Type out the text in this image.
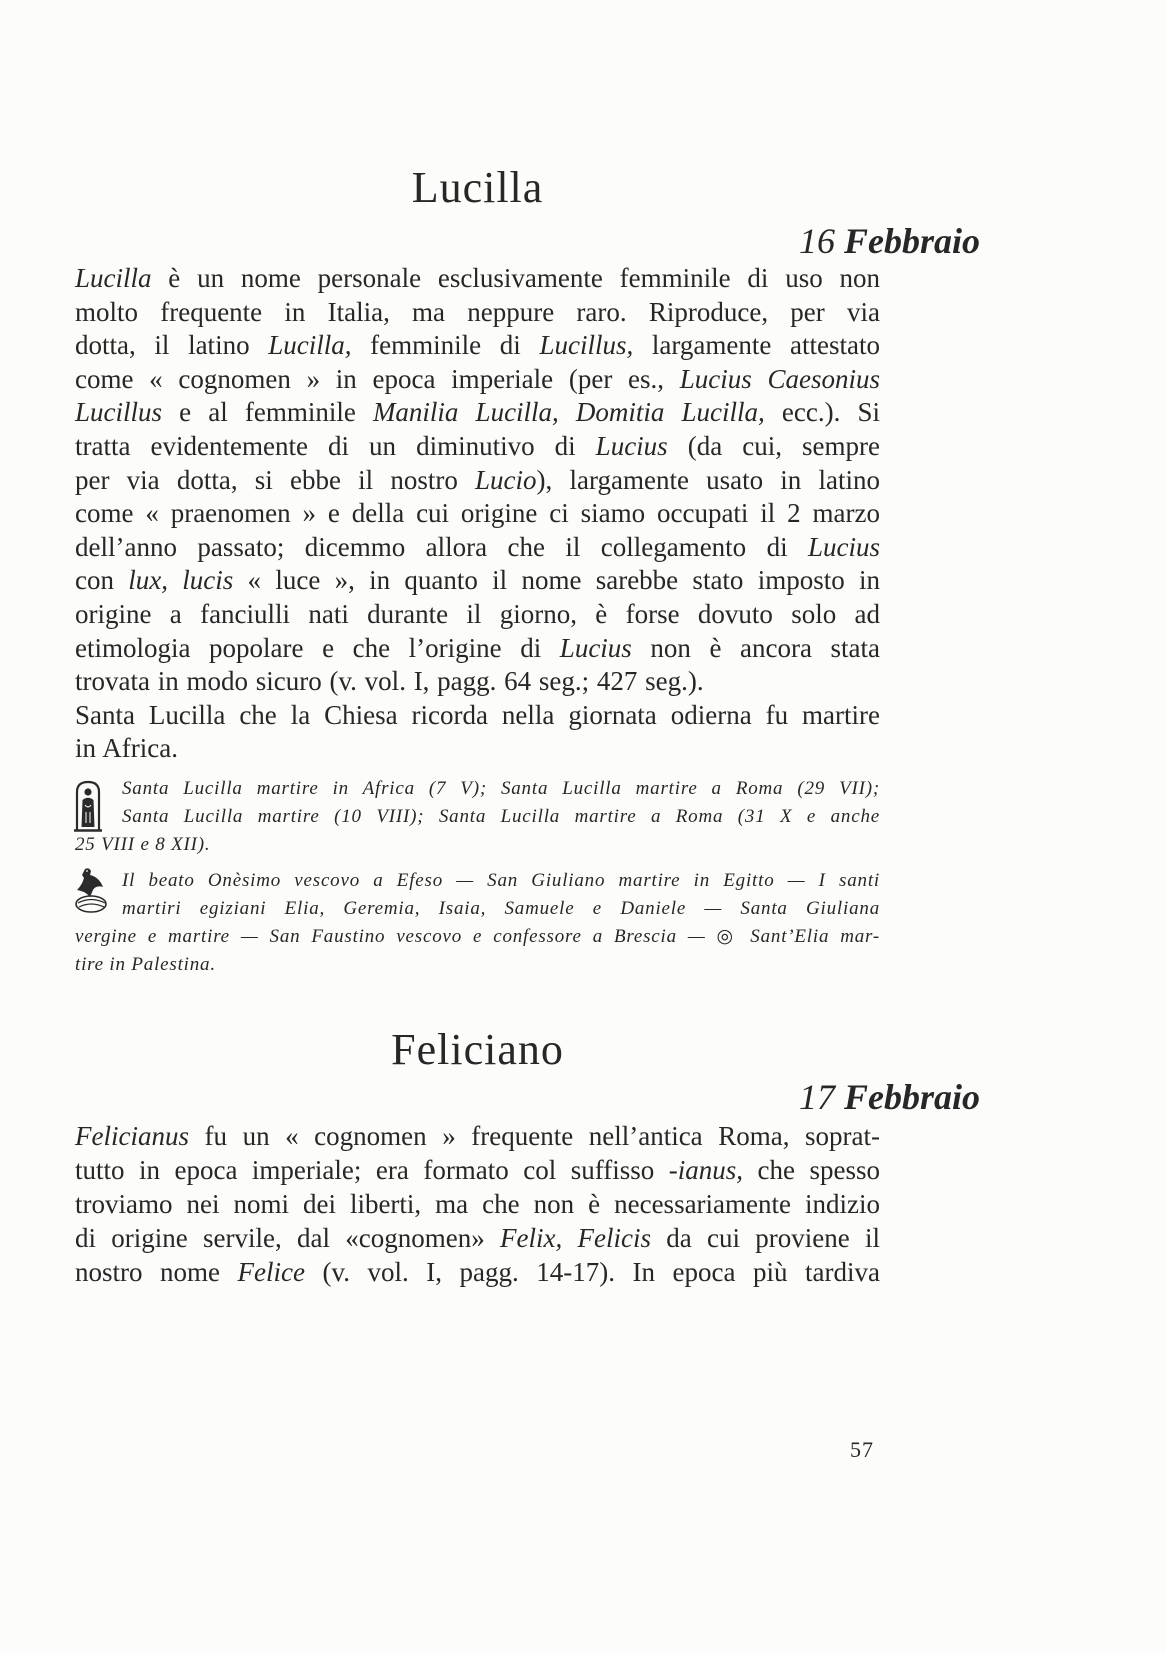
Lucilla
16 Febbraio
Lucilla è un nome personale esclusivamente femminile di uso non
molto frequente in Italia, ma neppure raro. Riproduce, per via
dotta, il latino Lucilla, femminile di Lucillus, largamente attestato
come « cognomen » in epoca imperiale (per es., Lucius Caesonius
Lucillus e al femminile Manilia Lucilla, Domitia Lucilla, ecc.). Si
tratta evidentemente di un diminutivo di Lucius (da cui, sempre
per via dotta, si ebbe il nostro Lucio), largamente usato in latino
come « praenomen » e della cui origine ci siamo occupati il 2 marzo
dell’anno passato; dicemmo allora che il collegamento di Lucius
con lux, lucis « luce », in quanto il nome sarebbe stato imposto in
origine a fanciulli nati durante il giorno, è forse dovuto solo ad
etimologia popolare e che l’origine di Lucius non è ancora stata
trovata in modo sicuro (v. vol. I, pagg. 64 seg.; 427 seg.).
Santa Lucilla che la Chiesa ricorda nella giornata odierna fu martire
in Africa.
Santa Lucilla martire in Africa (7 V); Santa Lucilla martire a Roma (29 VII);
Santa Lucilla martire (10 VIII); Santa Lucilla martire a Roma (31 X e anche
25 VIII e 8 XII).
Il beato Onèsimo vescovo a Efeso — San Giuliano martire in Egitto — I santi
martiri egiziani Elia, Geremia, Isaia, Samuele e Daniele — Santa Giuliana
vergine e martire — San Faustino vescovo e confessore a Brescia — ◎ Sant’Elia mar-
tire in Palestina.
Feliciano
17 Febbraio
Felicianus fu un « cognomen » frequente nell’antica Roma, soprat-
tutto in epoca imperiale; era formato col suffisso -ianus, che spesso
troviamo nei nomi dei liberti, ma che non è necessariamente indizio
di origine servile, dal «cognomen» Felix, Felicis da cui proviene il
nostro nome Felice (v. vol. I, pagg. 14-17). In epoca più tardiva
57
